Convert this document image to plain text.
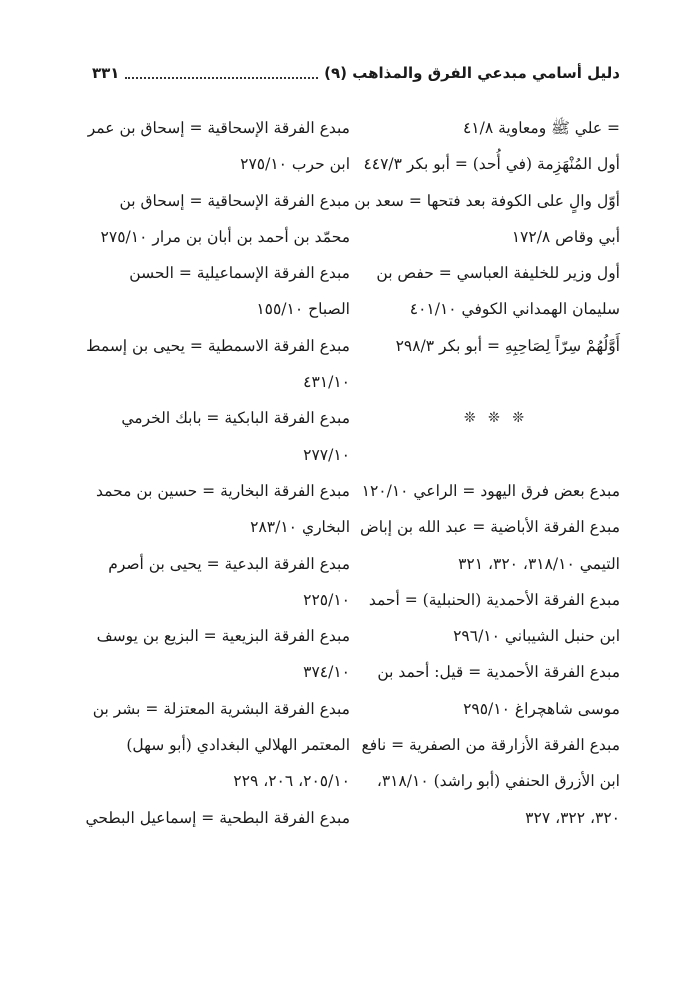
دليل أسامي مبدعي الفرق والمذاهب (٩)
٣٣١
= علي ﷺ ومعاوية ٤١/٨
أول المُنْهَزِمة (في أُحد) = أبو بكر ٤٤٧/٣
أوّل والٍ على الكوفة بعد فتحها = سعد بن
أبي وقاص ١٧٢/٨
أول وزير للخليفة العباسي = حفص بن
سليمان الهمداني الكوفي ٤٠١/١٠
أَوَّلُهُمْ سِرّاً لِصَاحِبِهِ = أبو بكر ٢٩٨/٣
❊ ❊ ❊
مبدع بعض فرق اليهود = الراعي ١٢٠/١٠
مبدع الفرقة الأباضية = عبد الله بن إباض
التيمي ٣١٨/١٠، ٣٢٠، ٣٢١
مبدع الفرقة الأحمدية (الحنبلية) = أحمد
ابن حنبل الشيباني ٢٩٦/١٠
مبدع الفرقة الأحمدية = قيل: أحمد بن
موسى شاهچراغ ٢٩٥/١٠
مبدع الفرقة الأزارقة من الصفرية = نافع
ابن الأزرق الحنفي (أبو راشد) ٣١٨/١٠،
٣٢٠، ٣٢٢، ٣٢٧
مبدع الفرقة الإسحاقية = إسحاق بن عمر
ابن حرب ٢٧٥/١٠
مبدع الفرقة الإسحاقية = إسحاق بن
محمّد بن أحمد بن أبان بن مرار ٢٧٥/١٠
مبدع الفرقة الإسماعيلية = الحسن
الصباح ١٥٥/١٠
مبدع الفرقة الاسمطية = يحيى بن إسمط
٤٣١/١٠
مبدع الفرقة البابكية = بابك الخرمي
٢٧٧/١٠
مبدع الفرقة البخارية = حسين بن محمد
البخاري ٢٨٣/١٠
مبدع الفرقة البدعية = يحيى بن أصرم
٢٢٥/١٠
مبدع الفرقة البزيعية = البزيع بن يوسف
٣٧٤/١٠
مبدع الفرقة البشرية المعتزلة = بشر بن
المعتمر الهلالي البغدادي (أبو سهل)
٢٠٥/١٠، ٢٠٦، ٢٢٩
مبدع الفرقة البطحية = إسماعيل البطحي
